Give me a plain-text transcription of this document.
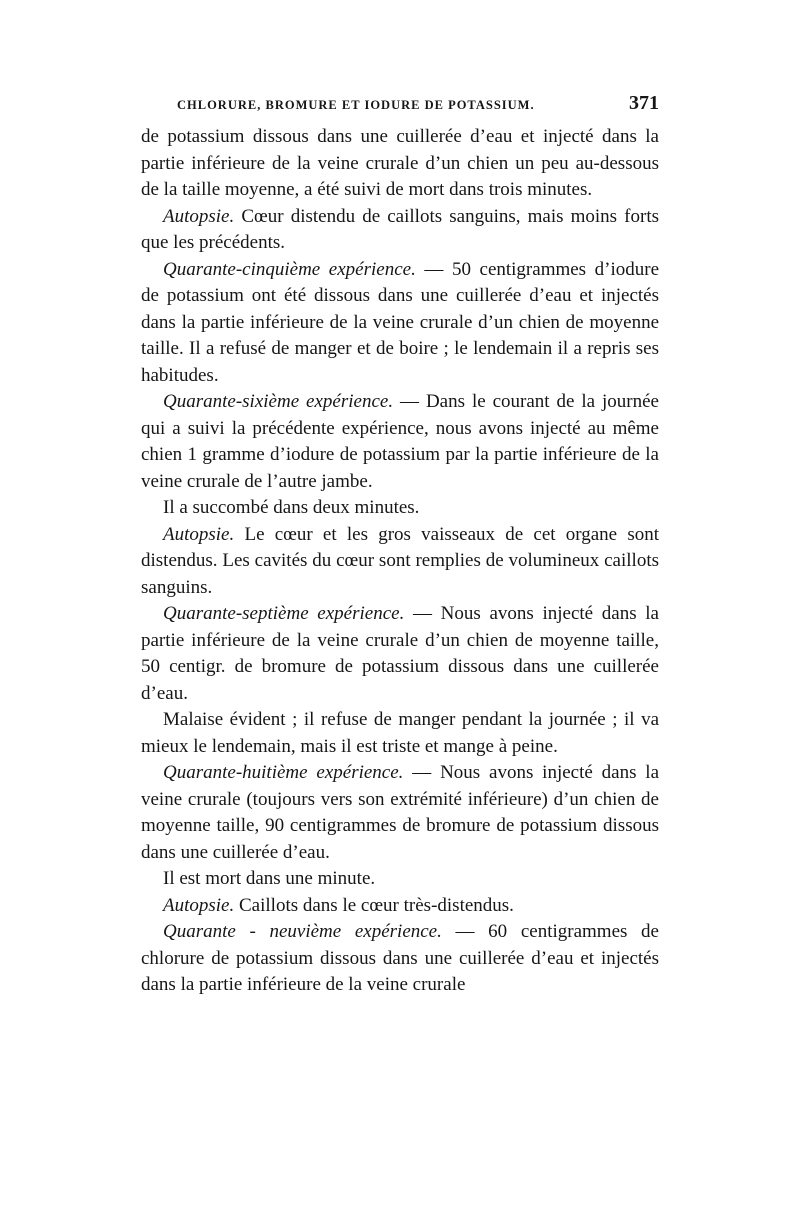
CHLORURE, BROMURE ET IODURE DE POTASSIUM.	371

de potassium dissous dans une cuillerée d’eau et injecté dans la partie inférieure de la veine crurale d’un chien un peu au-dessous de la taille moyenne, a été suivi de mort dans trois minutes.

Autopsie. Cœur distendu de caillots sanguins, mais moins forts que les précédents.

Quarante-cinquième expérience. — 50 centigrammes d’iodure de potassium ont été dissous dans une cuillerée d’eau et injectés dans la partie inférieure de la veine crurale d’un chien de moyenne taille. Il a refusé de manger et de boire ; le lendemain il a repris ses habitudes.

Quarante-sixième expérience. — Dans le courant de la journée qui a suivi la précédente expérience, nous avons injecté au même chien 1 gramme d’iodure de potassium par la partie inférieure de la veine crurale de l’autre jambe.

Il a succombé dans deux minutes.

Autopsie. Le cœur et les gros vaisseaux de cet organe sont distendus. Les cavités du cœur sont remplies de volumineux caillots sanguins.

Quarante-septième expérience. — Nous avons injecté dans la partie inférieure de la veine crurale d’un chien de moyenne taille, 50 centigr. de bromure de potassium dissous dans une cuillerée d’eau.

Malaise évident ; il refuse de manger pendant la journée ; il va mieux le lendemain, mais il est triste et mange à peine.

Quarante-huitième expérience. — Nous avons injecté dans la veine crurale (toujours vers son extrémité inférieure) d’un chien de moyenne taille, 90 centigrammes de bromure de potassium dissous dans une cuillerée d’eau.

Il est mort dans une minute.

Autopsie. Caillots dans le cœur très-distendus.

Quarante - neuvième expérience. — 60 centigrammes de chlorure de potassium dissous dans une cuillerée d’eau et injectés dans la partie inférieure de la veine crurale
